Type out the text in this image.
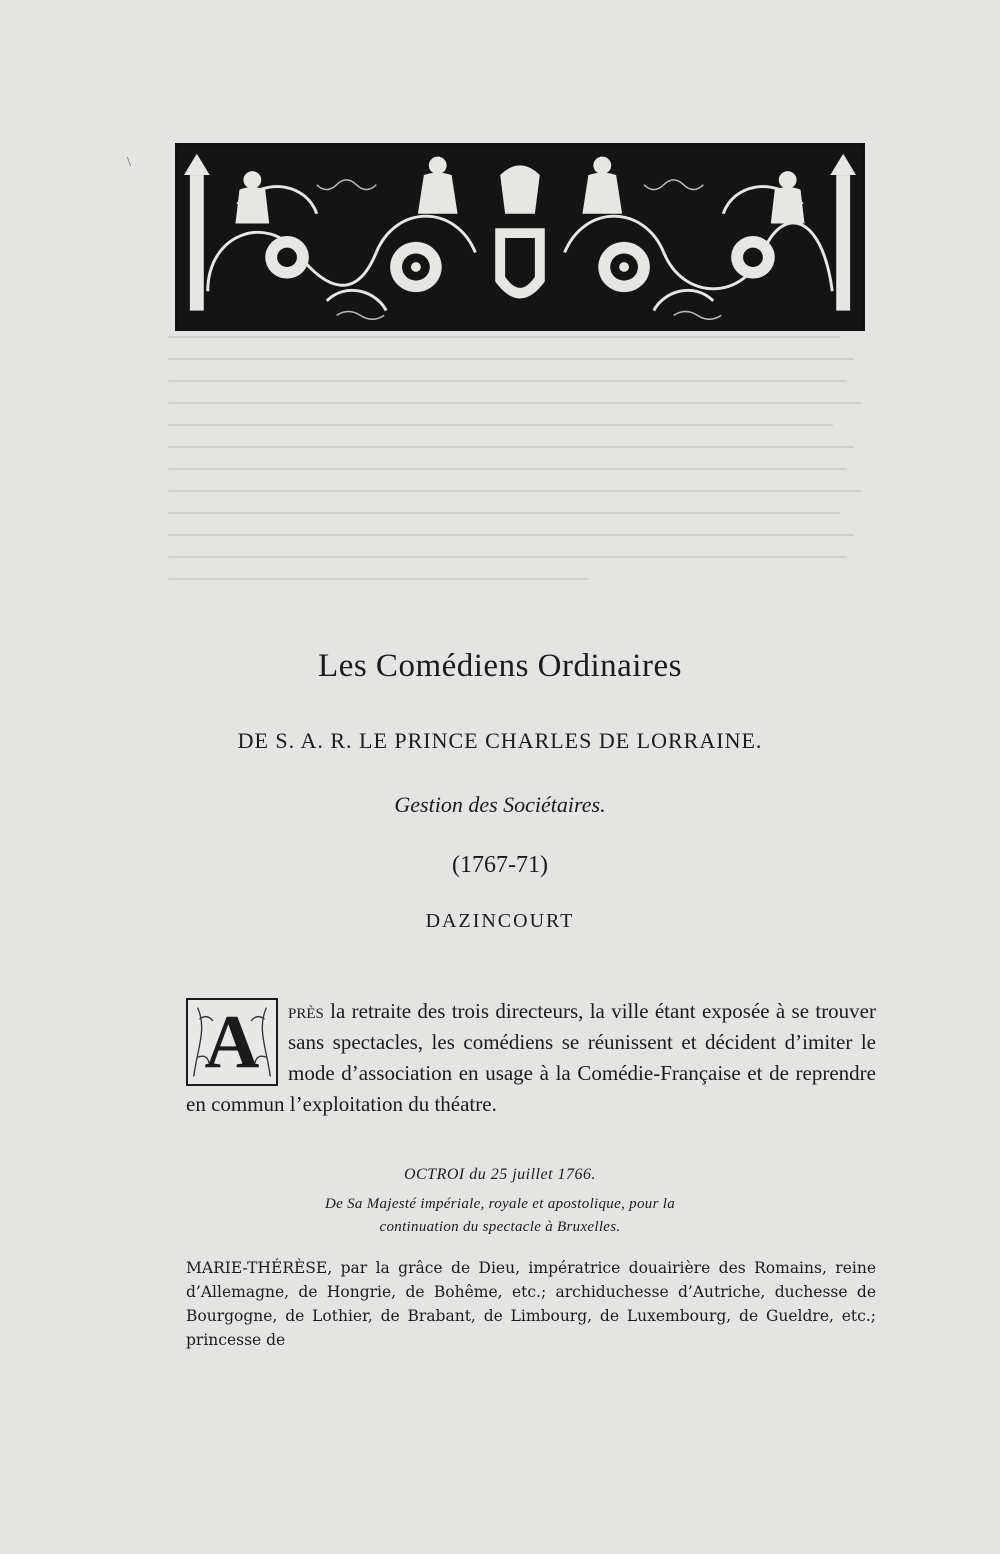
\
Les Comédiens Ordinaires
DE S. A. R. LE PRINCE CHARLES DE LORRAINE.
Gestion des Sociétaires.
(1767-71)
DAZINCOURT
A	près la retraite des trois directeurs, la ville étant exposée à se trouver sans spectacles, les comédiens se réunissent et décident d’imiter le mode d’association en usage à la Comédie-Française et de reprendre en commun l’exploitation du théatre.
OCTROI du 25 juillet 1766.
De Sa Majesté impériale, royale et apostolique, pour la continuation du spectacle à Bruxelles.
MARIE-THÉRÈSE, par la grâce de Dieu, impératrice douairière des Romains, reine d’Allemagne, de Hongrie, de Bohême, etc.; archiduchesse d’Autriche, duchesse de Bourgogne, de Lothier, de Brabant, de Limbourg, de Luxembourg, de Gueldre, etc.; princesse de
